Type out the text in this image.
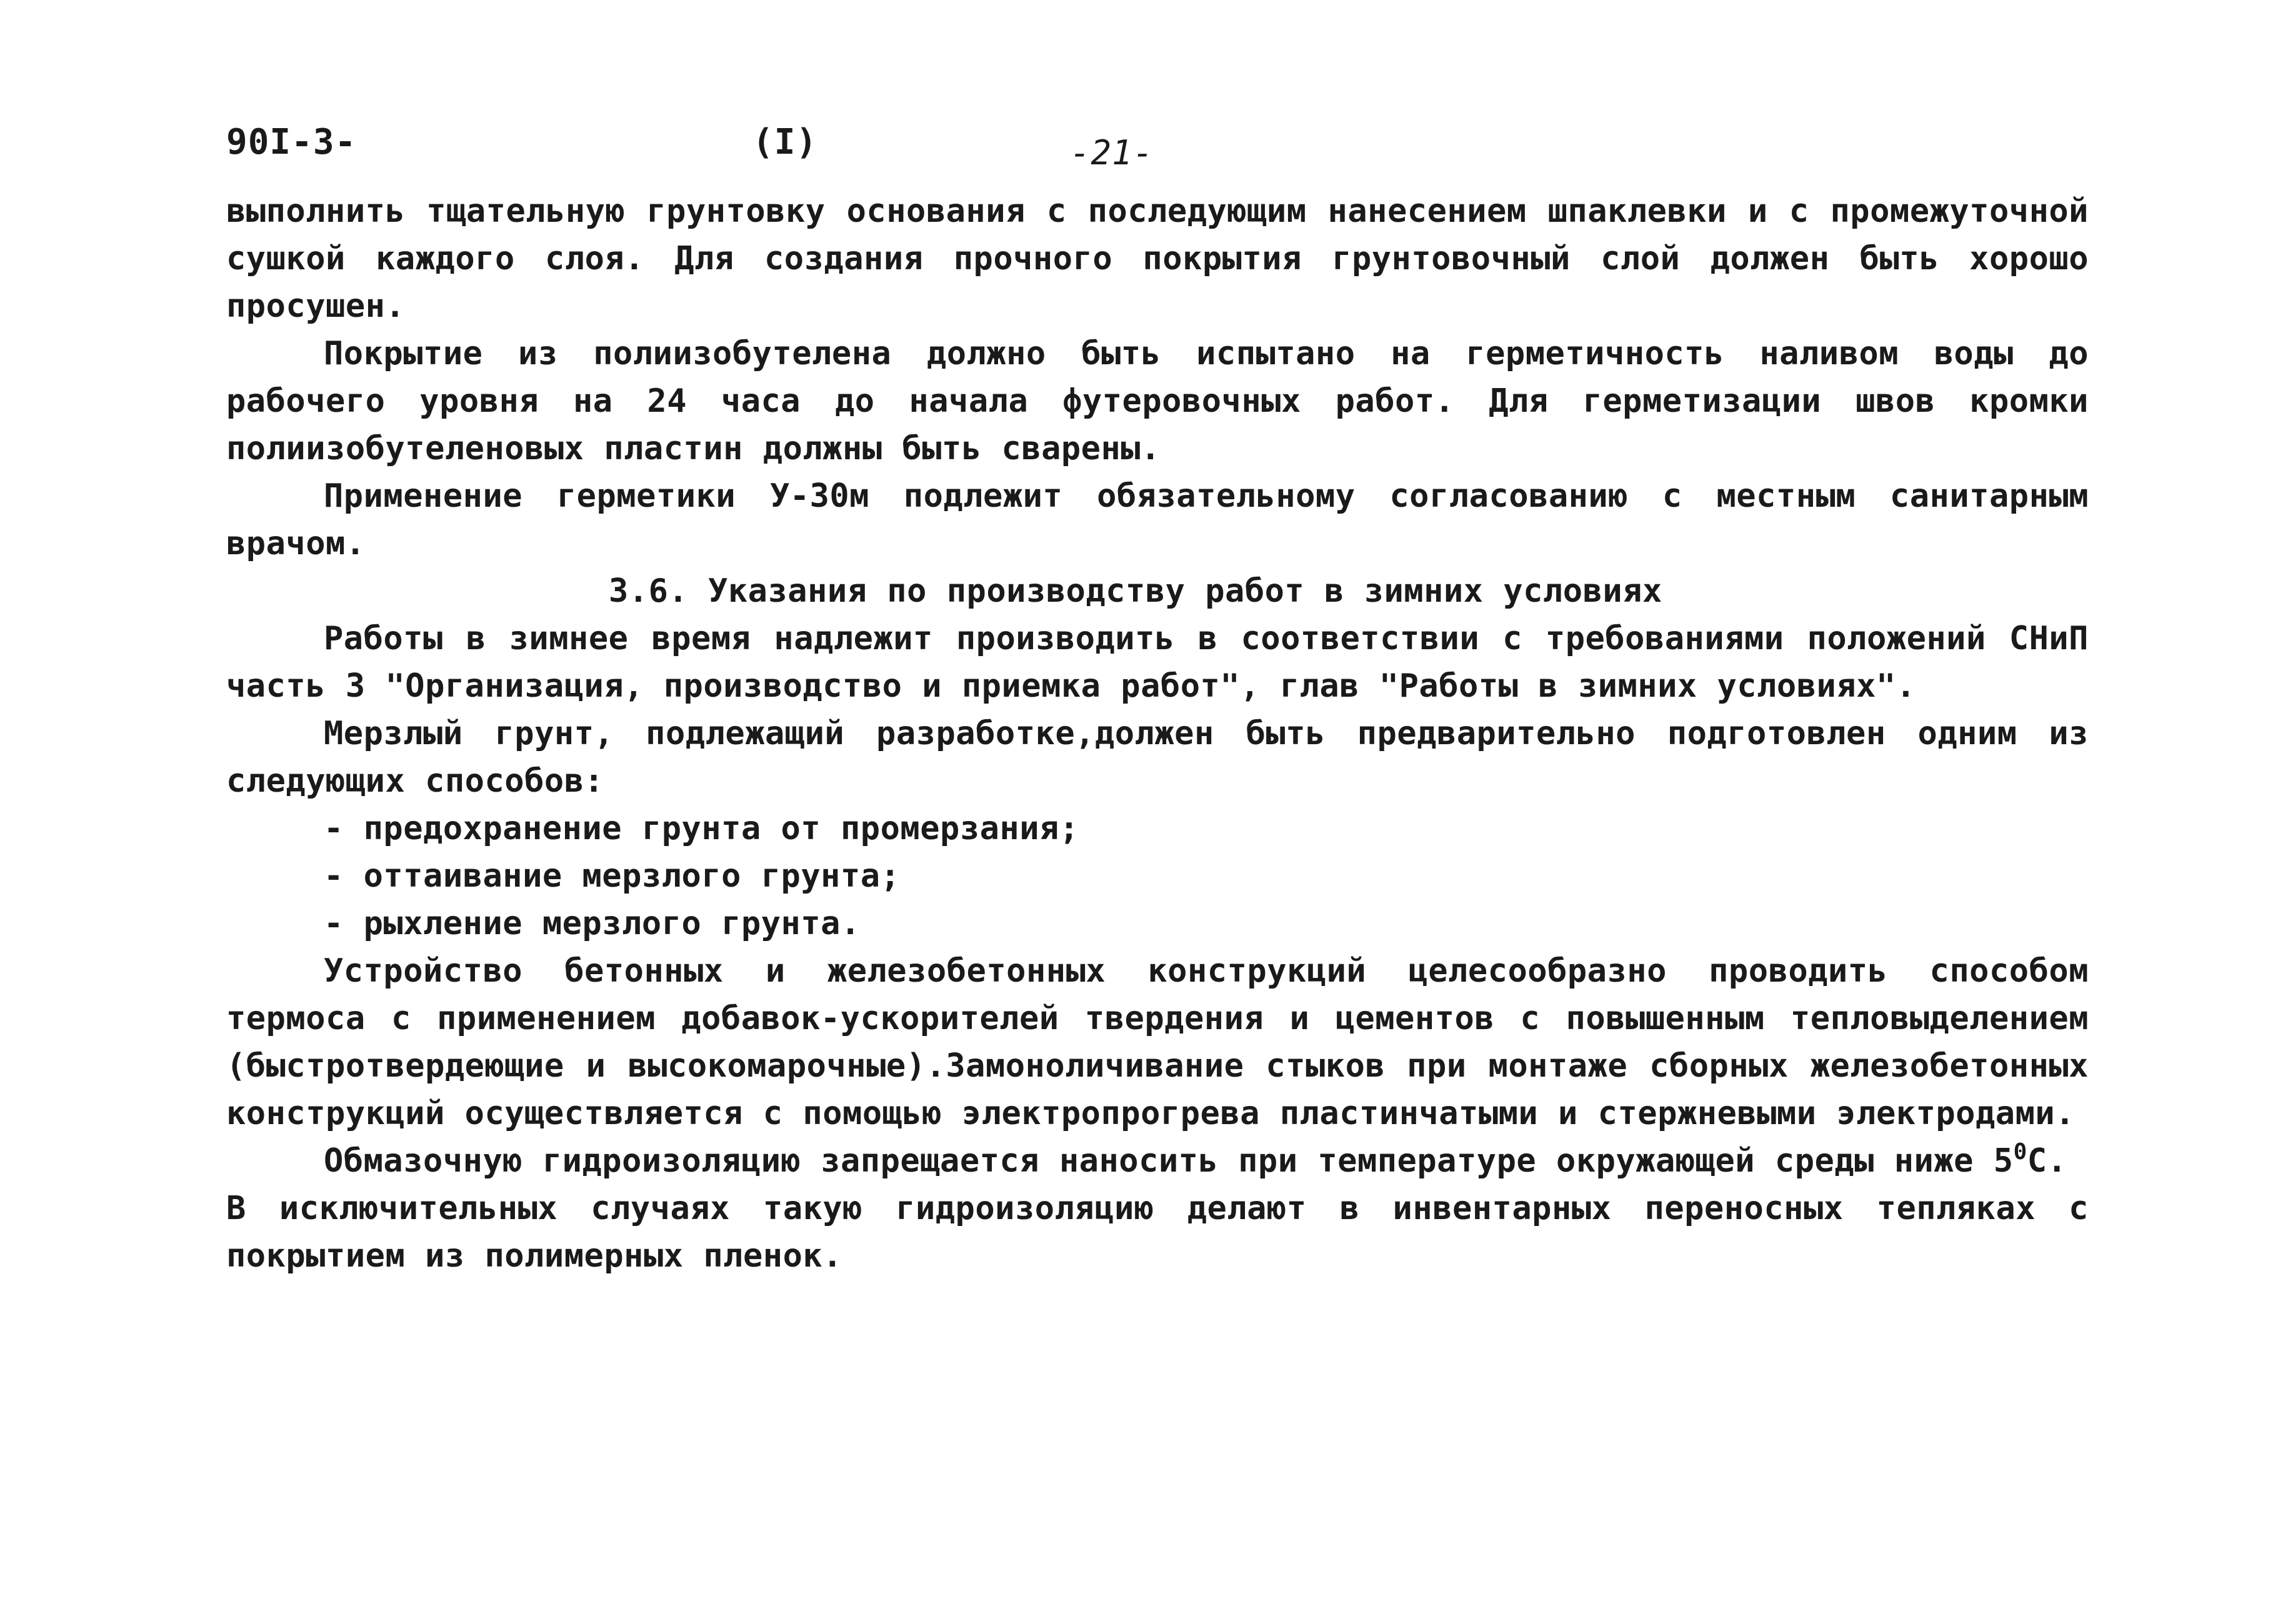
90I-3-	(I)	-21-

выполнить тщательную грунтовку основания с последующим нанесением шпаклевки и с промежуточной сушкой каждого слоя. Для создания прочного покрытия грунтовочный слой должен быть хорошо просушен.

Покрытие из полиизобутелена должно быть испытано на герметичность наливом воды до рабочего уровня на 24 часа до начала футеровочных работ. Для герметизации швов кромки полиизобутеленовых пластин должны быть сварены.

Применение герметики У-30м подлежит обязательному согласованию с местным санитарным врачом.

3.6. Указания по производству работ в зимних условиях

Работы в зимнее время надлежит производить в соответствии с требованиями положений СНиП часть 3 "Организация, производство и приемка работ", глав "Работы в зимних условиях".

Мерзлый грунт, подлежащий разработке,должен быть предварительно подготовлен одним из следующих способов:

- предохранение грунта от промерзания;

- оттаивание мерзлого грунта;

- рыхление мерзлого грунта.

Устройство бетонных и железобетонных конструкций целесообразно проводить способом термоса с применением добавок-ускорителей твердения и цементов с повышенным тепловыделением (быстротвердеющие и высокомарочные).Замоноличивание стыков при монтаже сборных железобетонных конструкций осуществляется с помощью электропрогрева пластинчатыми и стержневыми электродами.

Обмазочную гидроизоляцию запрещается наносить при температуре окружающей среды ниже $5^0С$.

В исключительных случаях такую гидроизоляцию делают в инвентарных переносных тепляках с покрытием из полимерных пленок.
